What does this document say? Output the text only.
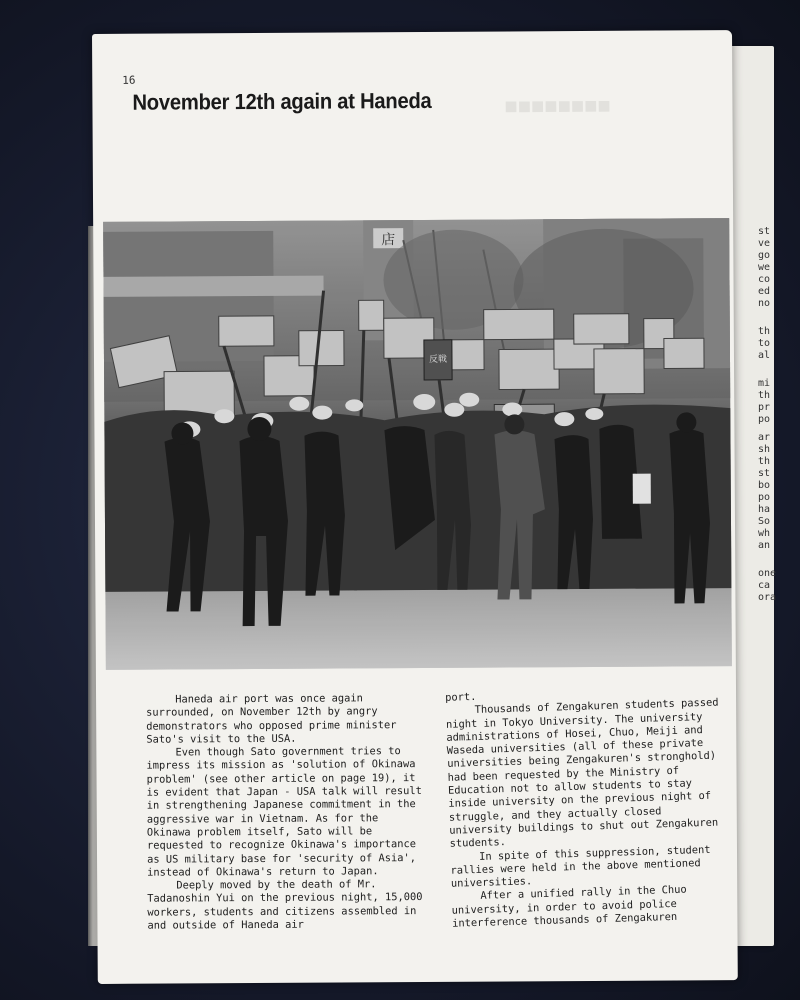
st
ve
go
we
co
ed
no
th
to
al
mi
th
pr
po
ar
sh
th
st
bo
po
ha
So
wh
an
one
ca
ora
16
November 12th again at Haneda	■■■■■■■■
店
反戦

Haneda air port was once again surrounded, on November 12th by angry demonstrators who opposed prime minister Sato's visit to the USA.

Even though Sato government tries to impress its mission as 'solution of Okinawa problem' (see other article on page 19), it is evident that Japan - USA talk will result in strengthening Japanese commitment in the aggressive war in Vietnam. As for the Okinawa problem itself, Sato will be requested to recognize Okinawa's importance as US military base for 'security of Asia', instead of Okinawa's return to Japan.

Deeply moved by the death of Mr. Tadanoshin Yui on the previous night, 15,000 workers, students and citizens assembled in and outside of Haneda air

port.

Thousands of Zengakuren students passed night in Tokyo University. The university administrations of Hosei, Chuo, Meiji and Waseda universities (all of these private universities being Zengakuren's stronghold) had been requested by the Ministry of Education not to allow students to stay inside university on the previous night of struggle, and they actually closed university buildings to shut out Zengakuren students.

In spite of this suppression, student rallies were held in the above mentioned universities.

After a unified rally in the Chuo university, in order to avoid police interference thousands of Zengakuren
